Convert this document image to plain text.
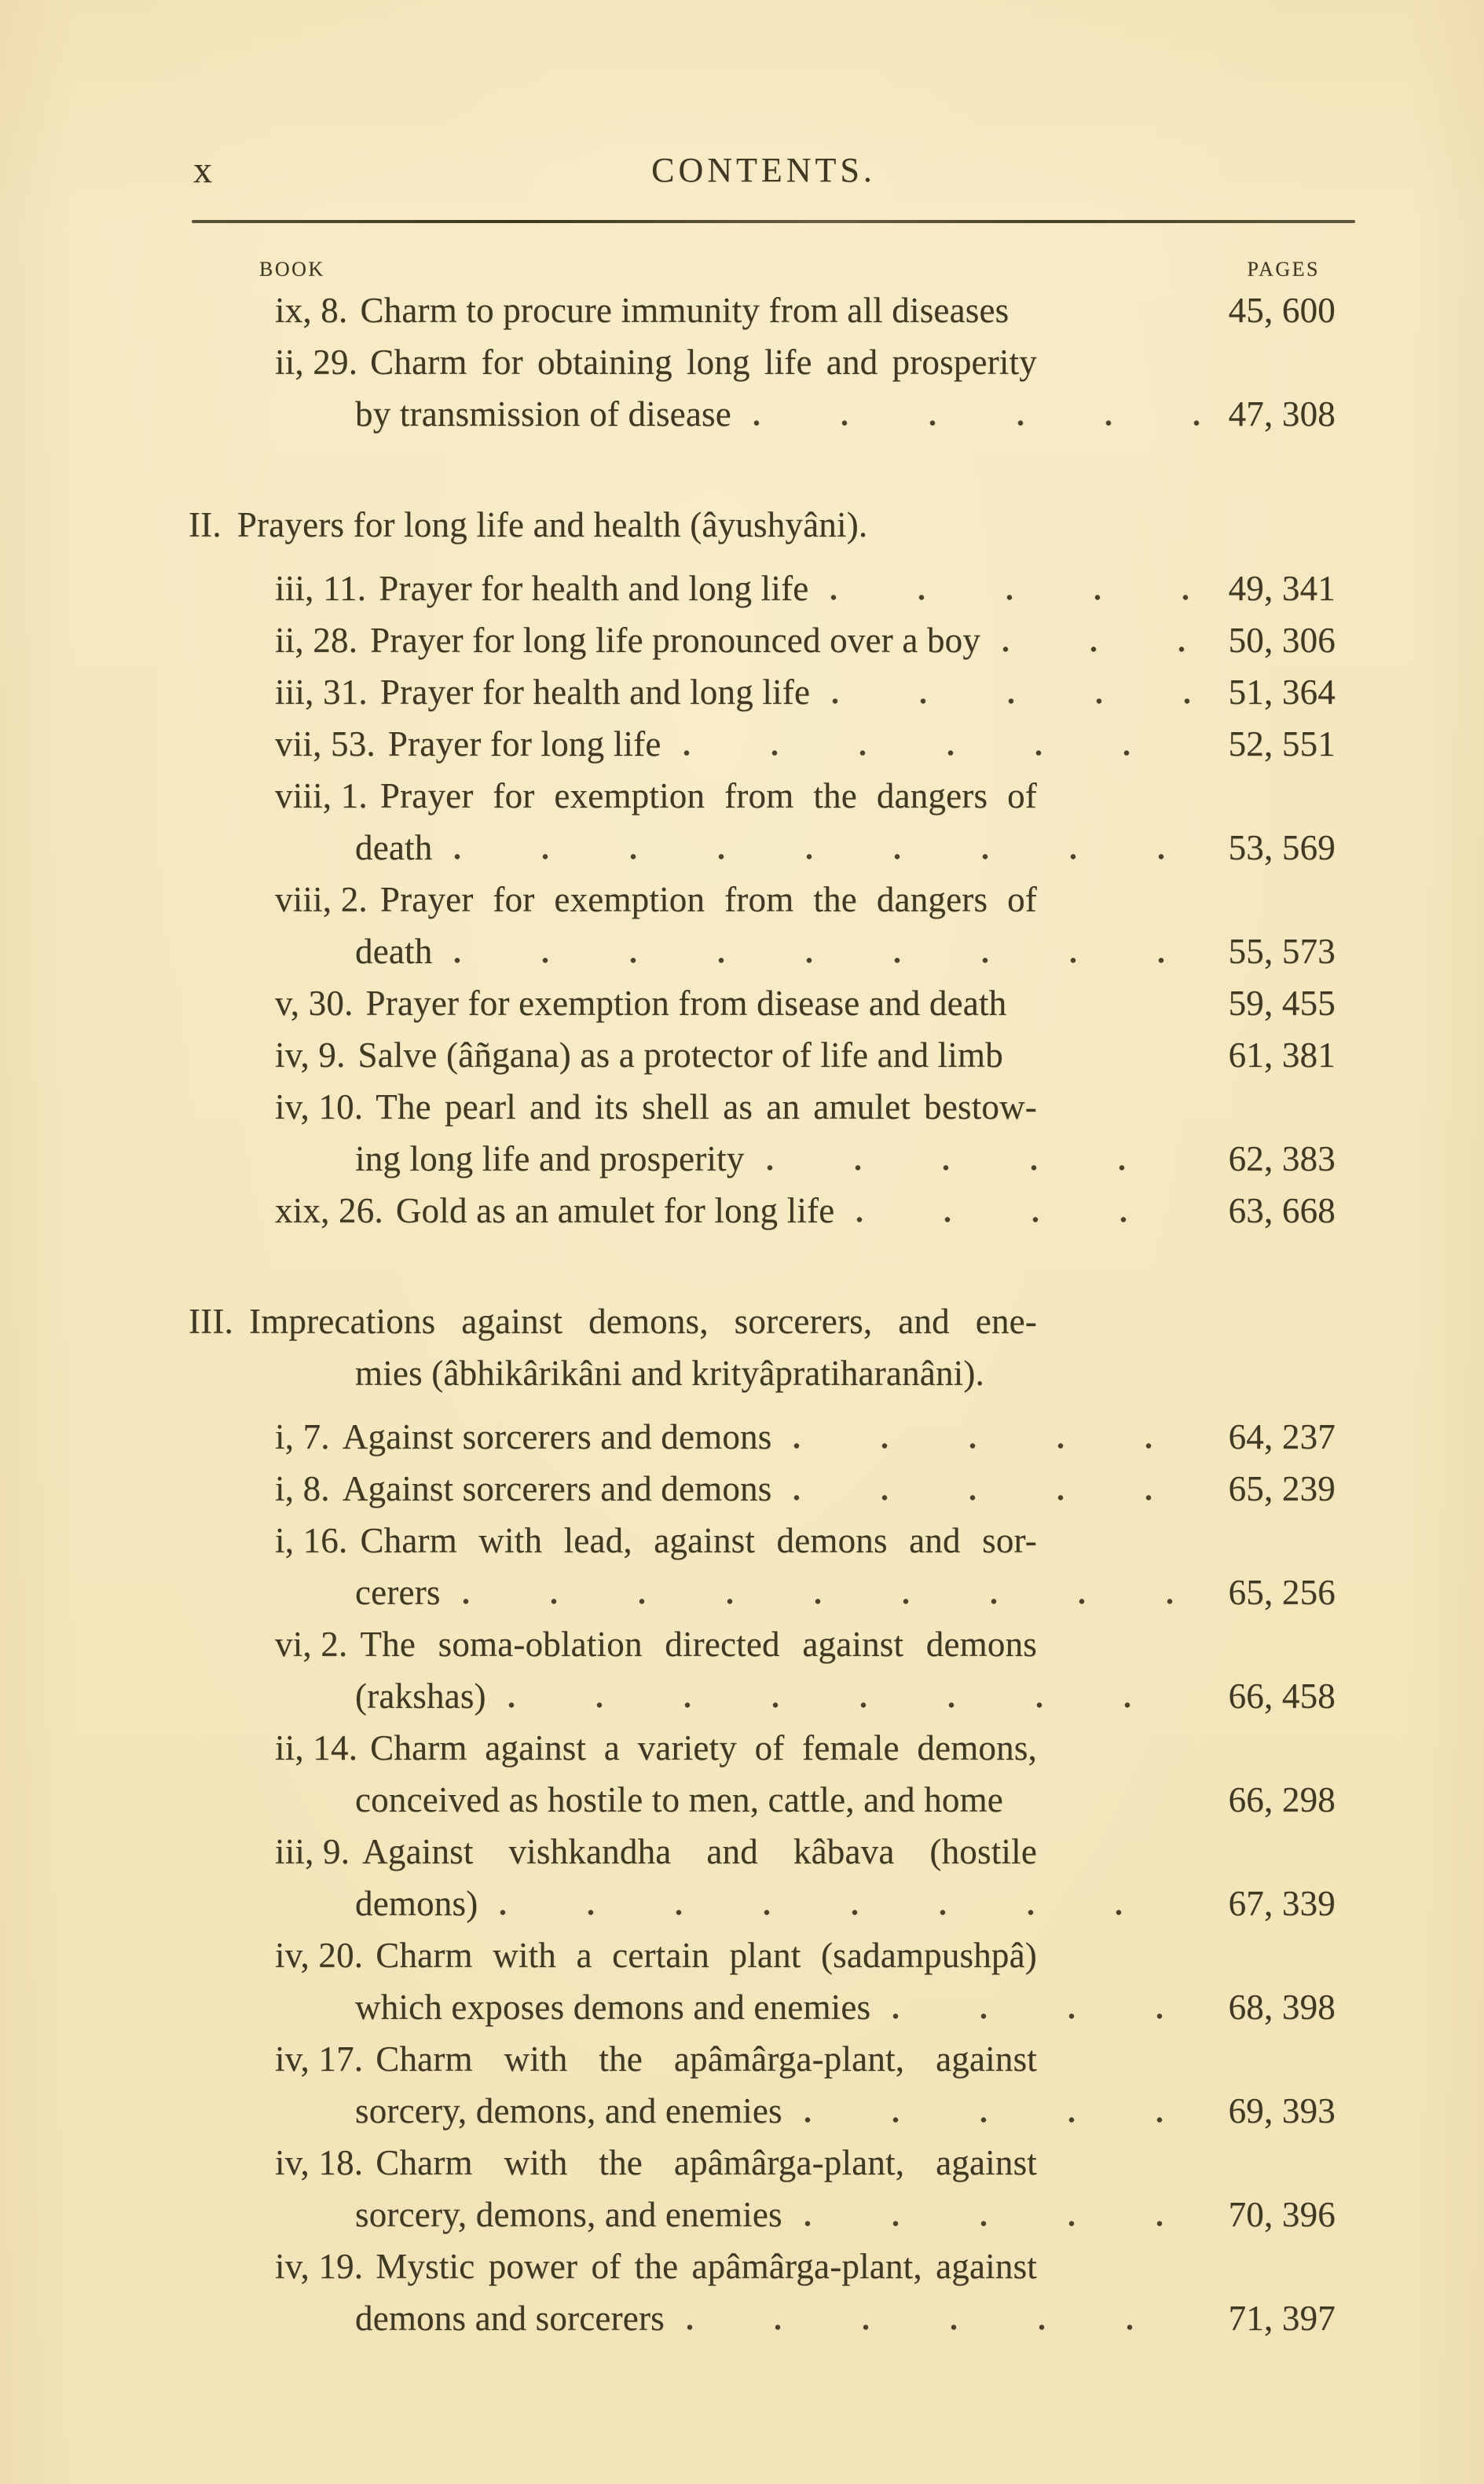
x	CONTENTS.
BOOK	PAGES
ix, 8. Charm to procure immunity from all diseases	45, 600
ii, 29. Charm for obtaining long life and prosperity
by transmission of disease	47, 308
II. Prayers for long life and health (âyushyâni).
iii, 11. Prayer for health and long life	49, 341
ii, 28. Prayer for long life pronounced over a boy	50, 306
iii, 31. Prayer for health and long life	51, 364
vii, 53. Prayer for long life	52, 551
viii, 1. Prayer for exemption from the dangers of
death	53, 569
viii, 2. Prayer for exemption from the dangers of
death	55, 573
v, 30. Prayer for exemption from disease and death	59, 455
iv, 9. Salve (âñgana) as a protector of life and limb	61, 381
iv, 10. The pearl and its shell as an amulet bestow-
ing long life and prosperity	62, 383
xix, 26. Gold as an amulet for long life	63, 668
III. Imprecations against demons, sorcerers, and ene-
mies (âbhikârikâni and krityâpratiharanâni).
i, 7. Against sorcerers and demons	64, 237
i, 8. Against sorcerers and demons	65, 239
i, 16. Charm with lead, against demons and sor-
cerers	65, 256
vi, 2. The soma-oblation directed against demons
(rakshas)	66, 458
ii, 14. Charm against a variety of female demons,
conceived as hostile to men, cattle, and home	66, 298
iii, 9. Against vishkandha and kâbava (hostile
demons)	67, 339
iv, 20. Charm with a certain plant (sadampushpâ)
which exposes demons and enemies	68, 398
iv, 17. Charm with the apâmârga-plant, against
sorcery, demons, and enemies	69, 393
iv, 18. Charm with the apâmârga-plant, against
sorcery, demons, and enemies	70, 396
iv, 19. Mystic power of the apâmârga-plant, against
demons and sorcerers	71, 397
